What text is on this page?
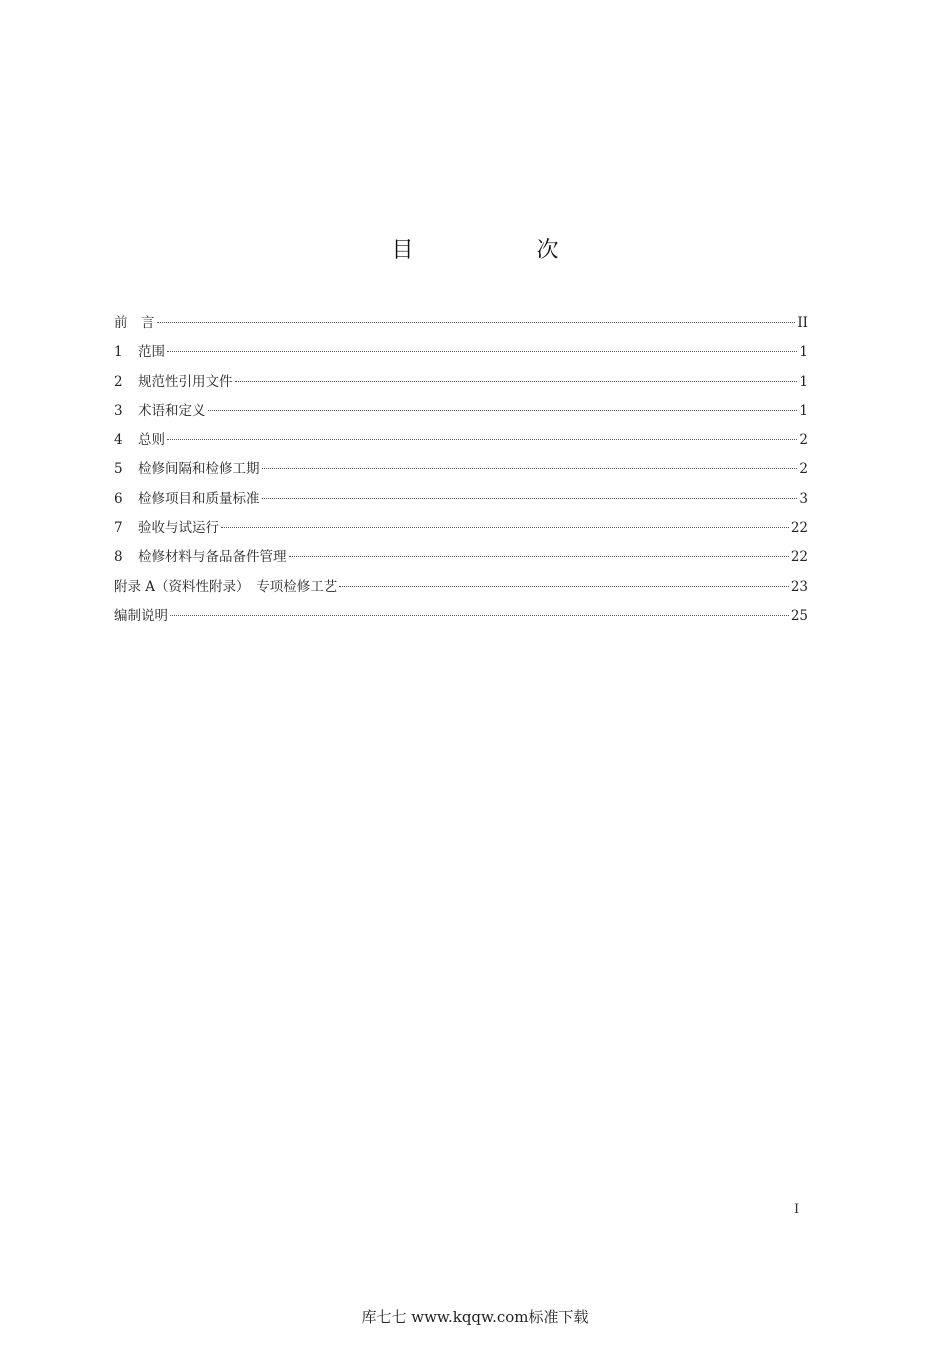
目 次
前　言	II
1	范围	1
2	规范性引用文件	1
3	术语和定义	1
4	总则	2
5	检修间隔和检修工期	2
6	检修项目和质量标准	3
7	验收与试运行	22
8	检修材料与备品备件管理	22
附录 A（资料性附录）　专项检修工艺	23
编制说明	25
I
库七七 www.kqqw.com标准下载
